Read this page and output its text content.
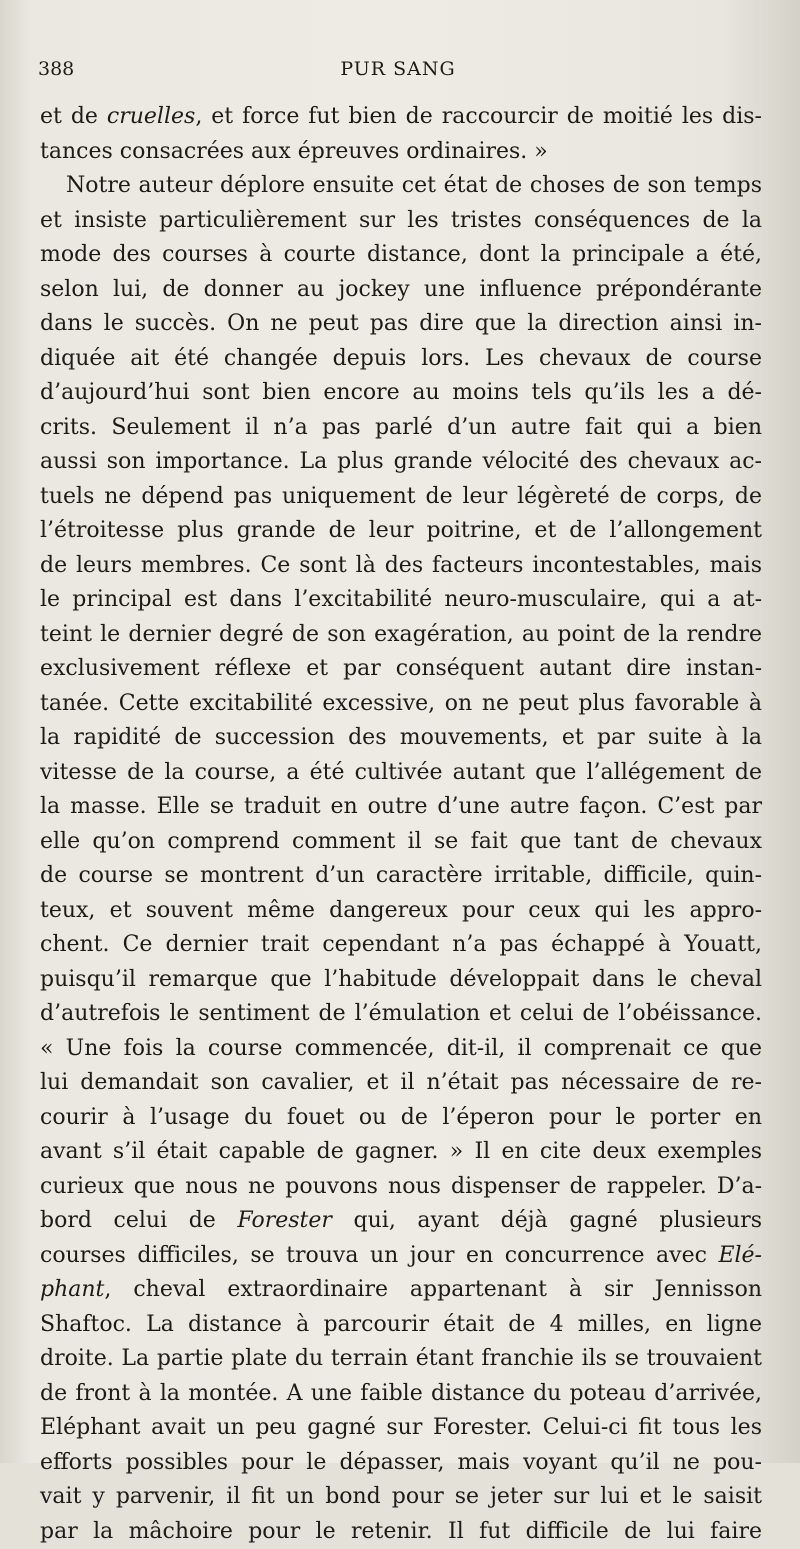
388	PUR SANG
et de cruelles, et force fut bien de raccourcir de moitié les dis-
tances consacrées aux épreuves ordinaires. »
Notre auteur déplore ensuite cet état de choses de son temps
et insiste particulièrement sur les tristes conséquences de la
mode des courses à courte distance, dont la principale a été,
selon lui, de donner au jockey une influence prépondérante
dans le succès. On ne peut pas dire que la direction ainsi in-
diquée ait été changée depuis lors. Les chevaux de course
d’aujourd’hui sont bien encore au moins tels qu’ils les a dé-
crits. Seulement il n’a pas parlé d’un autre fait qui a bien
aussi son importance. La plus grande vélocité des chevaux ac-
tuels ne dépend pas uniquement de leur légèreté de corps, de
l’étroitesse plus grande de leur poitrine, et de l’allongement
de leurs membres. Ce sont là des facteurs incontestables, mais
le principal est dans l’excitabilité neuro-musculaire, qui a at-
teint le dernier degré de son exagération, au point de la rendre
exclusivement réflexe et par conséquent autant dire instan-
tanée. Cette excitabilité excessive, on ne peut plus favorable à
la rapidité de succession des mouvements, et par suite à la
vitesse de la course, a été cultivée autant que l’allégement de
la masse. Elle se traduit en outre d’une autre façon. C’est par
elle qu’on comprend comment il se fait que tant de chevaux
de course se montrent d’un caractère irritable, difficile, quin-
teux, et souvent même dangereux pour ceux qui les appro-
chent. Ce dernier trait cependant n’a pas échappé à Youatt,
puisqu’il remarque que l’habitude développait dans le cheval
d’autrefois le sentiment de l’émulation et celui de l’obéissance.
« Une fois la course commencée, dit-il, il comprenait ce que
lui demandait son cavalier, et il n’était pas nécessaire de re-
courir à l’usage du fouet ou de l’éperon pour le porter en
avant s’il était capable de gagner. » Il en cite deux exemples
curieux que nous ne pouvons nous dispenser de rappeler. D’a-
bord celui de Forester qui, ayant déjà gagné plusieurs
courses difficiles, se trouva un jour en concurrence avec Elé-
phant, cheval extraordinaire appartenant à sir Jennisson
Shaftoc. La distance à parcourir était de 4 milles, en ligne
droite. La partie plate du terrain étant franchie ils se trouvaient
de front à la montée. A une faible distance du poteau d’arrivée,
Eléphant avait un peu gagné sur Forester. Celui-ci fit tous les
efforts possibles pour le dépasser, mais voyant qu’il ne pou-
vait y parvenir, il fit un bond pour se jeter sur lui et le saisit
par la mâchoire pour le retenir. Il fut difficile de lui faire
